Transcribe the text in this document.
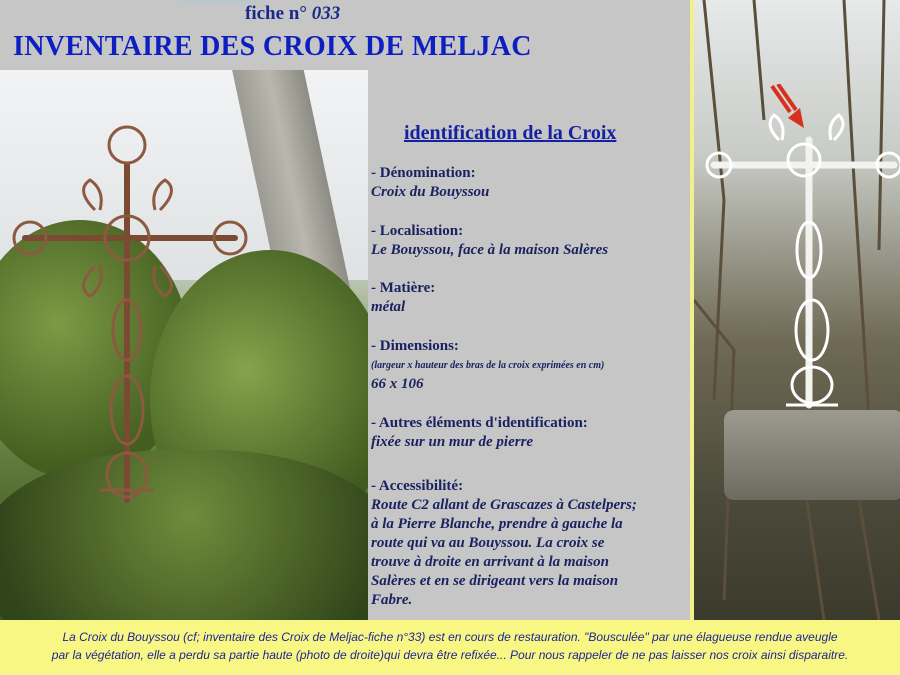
fiche n° 033
INVENTAIRE DES CROIX DE MELJAC
identification de la Croix
- Dénomination:
Croix du Bouyssou
- Localisation:
Le Bouyssou, face à la maison Salères
- Matière:
métal
- Dimensions:
(largeur x hauteur des bras de la croix exprimées en cm)
66 x 106
- Autres éléments d'identification:
fixée sur un mur de pierre
- Accessibilité:
Route C2 allant de Grascazes à Castelpers;
à la Pierre Blanche, prendre à gauche la
route qui va au Bouyssou. La croix se
trouve à droite en arrivant à la maison
Salères et en se dirigeant vers la maison
Fabre.

La Croix du Bouyssou (cf; inventaire des Croix de Meljac-fiche n°33) est en cours de restauration. "Bousculée" par une élagueuse rendue aveugle
par la végétation, elle a perdu sa partie haute (photo de droite)qui devra être refixée... Pour nous rappeler de ne pas laisser nos croix ainsi disparaitre.
